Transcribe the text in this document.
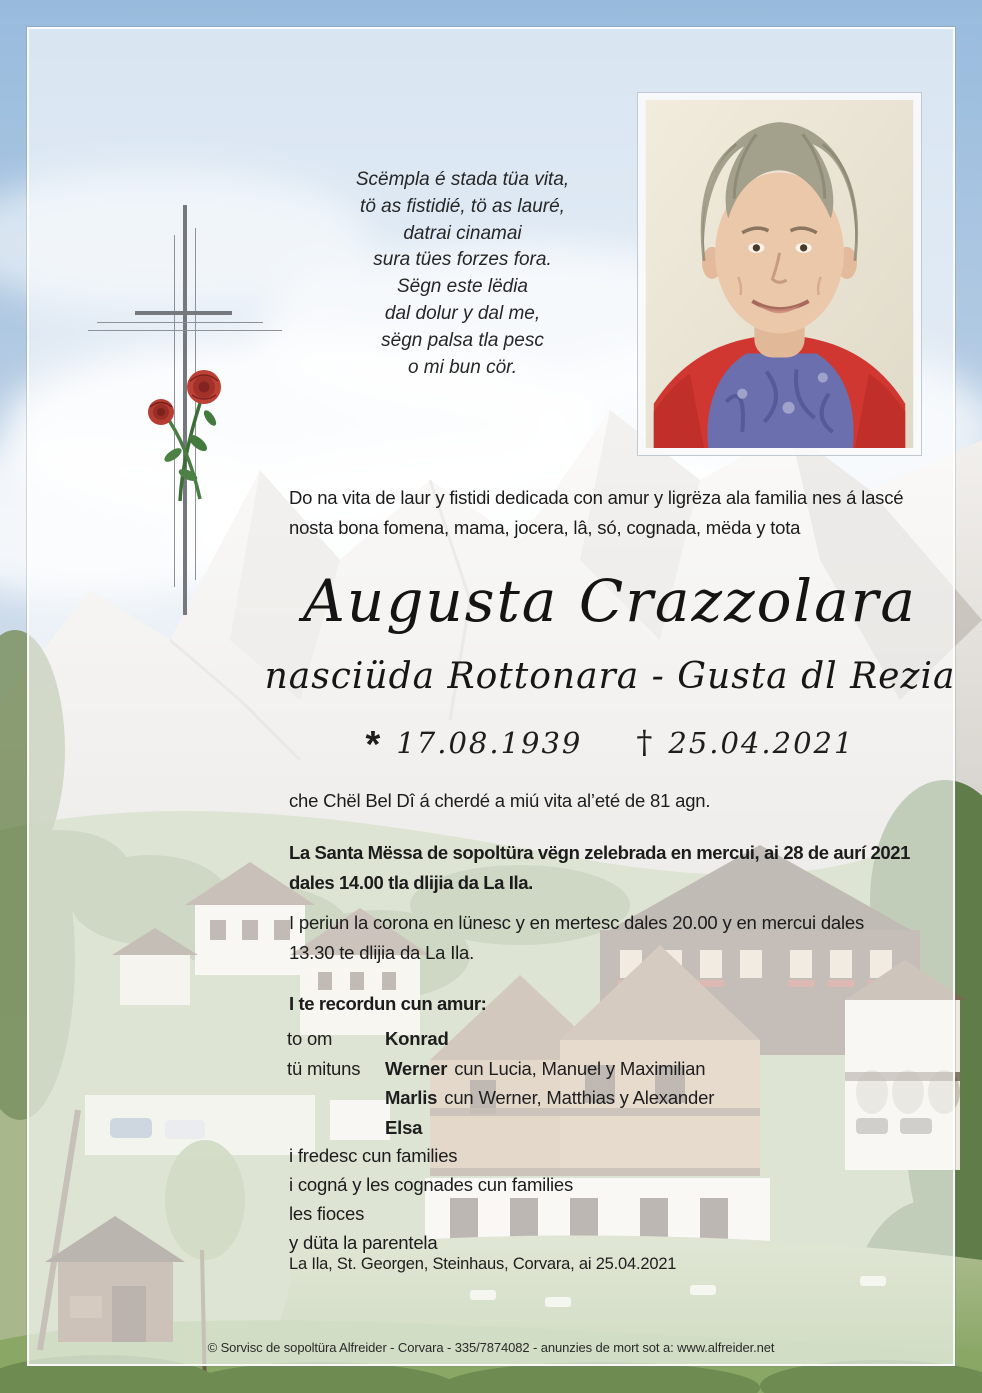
Scëmpla é stada tüa vita,
tö as fistidié, tö as lauré,
datrai cinamai
sura tües forzes fora.
Sëgn este lëdia
dal dolur y dal me,
sëgn palsa tla pesc
o mi bun cör.
Do na vita de laur y fistidi dedicada con amur y ligrëza ala familia nes á lascé
nosta bona fomena, mama, jocera, lâ, só, cognada, mëda y tota
Augusta Crazzolara
nasciüda Rottonara - Gusta dl Rezia
* 17.08.1939 † 25.04.2021
che Chël Bel Dî á cherdé a miú vita al’eté de 81 agn.
La Santa Mëssa de sopoltüra vëgn zelebrada en mercui, ai 28 de aurí 2021
dales 14.00 tla dlijia da La Ila.
I periun la corona en lünesc y en mertesc dales 20.00 y en mercui dales
13.30 te dlijia da La Ila.
I te recordun cun amur:
to om	Konrad
tü mituns	Werner cun Lucia, Manuel y Maximilian
Marlis cun Werner, Matthias y Alexander
Elsa
i fredesc cun families
i cogná y les cognades cun families
les fioces
y düta la parentela
La Ila, St. Georgen, Steinhaus, Corvara, ai 25.04.2021
© Sorvisc de sopoltüra Alfreider - Corvara - 335/7874082 - anunzies de mort sot a: www.alfreider.net
